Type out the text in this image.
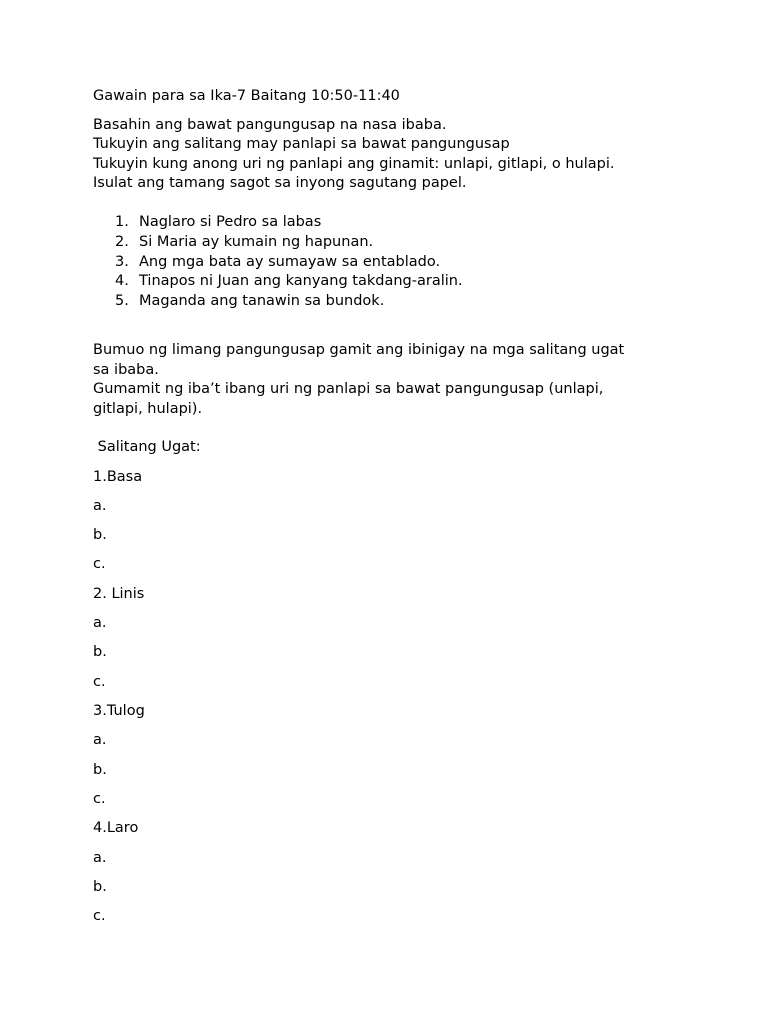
Gawain para sa Ika-7 Baitang 10:50-11:40
Basahin ang bawat pangungusap na nasa ibaba.
Tukuyin ang salitang may panlapi sa bawat pangungusap
Tukuyin kung anong uri ng panlapi ang ginamit: unlapi, gitlapi, o hulapi.
Isulat ang tamang sagot sa inyong sagutang papel.
1. Naglaro si Pedro sa labas
2. Si Maria ay kumain ng hapunan.
3. Ang mga bata ay sumayaw sa entablado.
4. Tinapos ni Juan ang kanyang takdang-aralin.
5. Maganda ang tanawin sa bundok.
Bumuo ng limang pangungusap gamit ang ibinigay na mga salitang ugat
sa ibaba.
Gumamit ng iba’t ibang uri ng panlapi sa bawat pangungusap (unlapi,
gitlapi, hulapi).
Salitang Ugat:
1.Basa
a.
b.
c.
2. Linis
a.
b.
c.
3.Tulog
a.
b.
c.
4.Laro
a.
b.
c.
